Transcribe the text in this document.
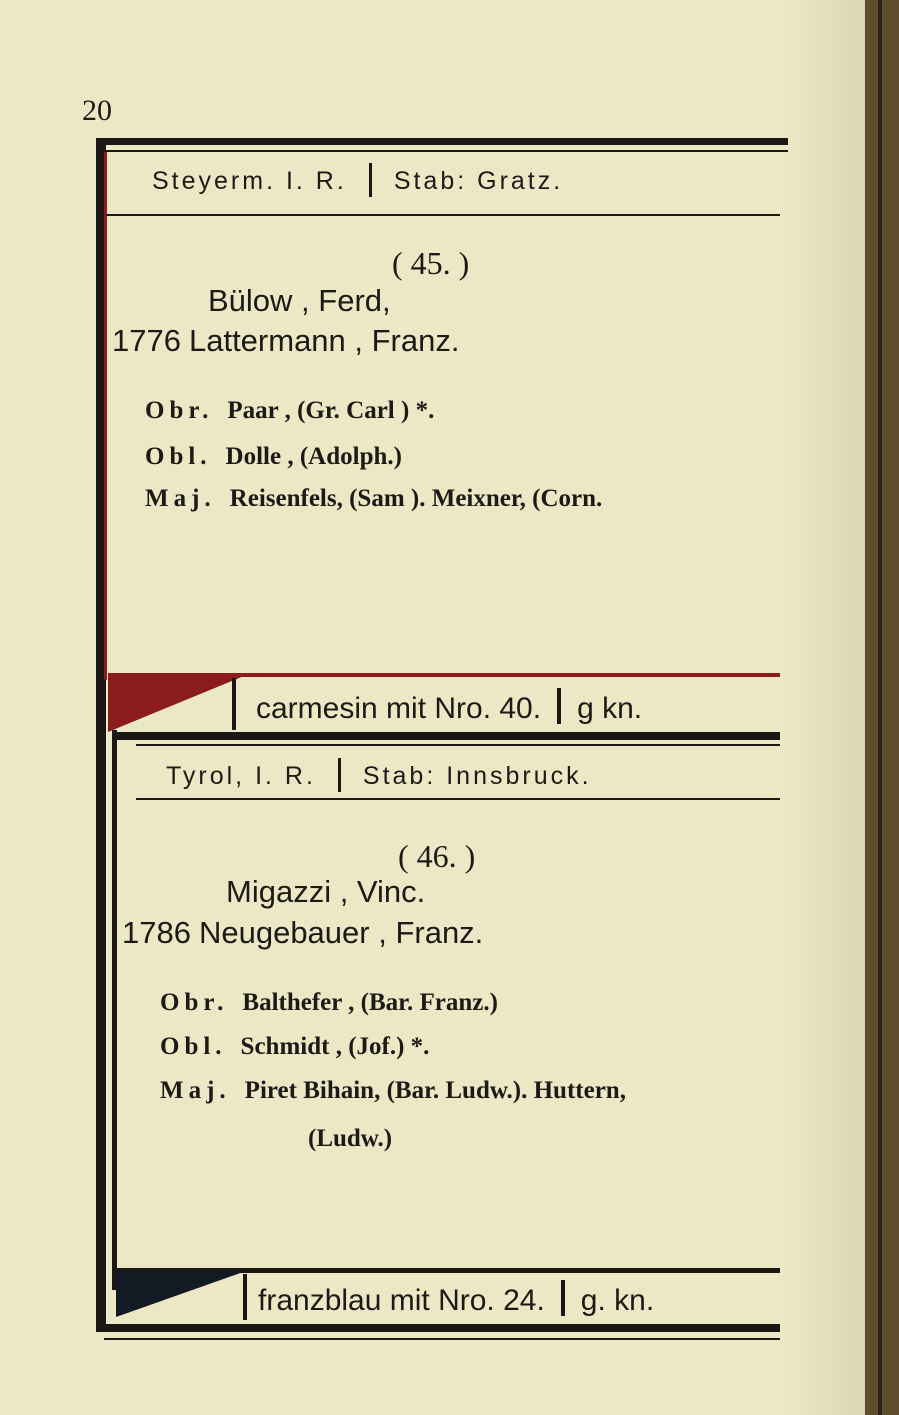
20
Steyerm. I. R. Stab: Gratz.
( 45. )
Bülow , Ferd,
1776 Lattermann , Franz.
Obr. Paar , (Gr. Carl ) *.
Obl. Dolle , (Adolph.)
Maj. Reisenfels, (Sam ). Meixner, (Corn.
carmesin mit Nro. 40. g kn.
Tyrol, I. R. Stab: Innsbruck.
( 46. )
Migazzi , Vinc.
1786 Neugebauer , Franz.
Obr. Balthefer , (Bar. Franz.)
Obl. Schmidt , (Jof.) *.
Maj. Piret Bihain, (Bar. Ludw.). Huttern,
(Ludw.)
franzblau mit Nro. 24. g. kn.
